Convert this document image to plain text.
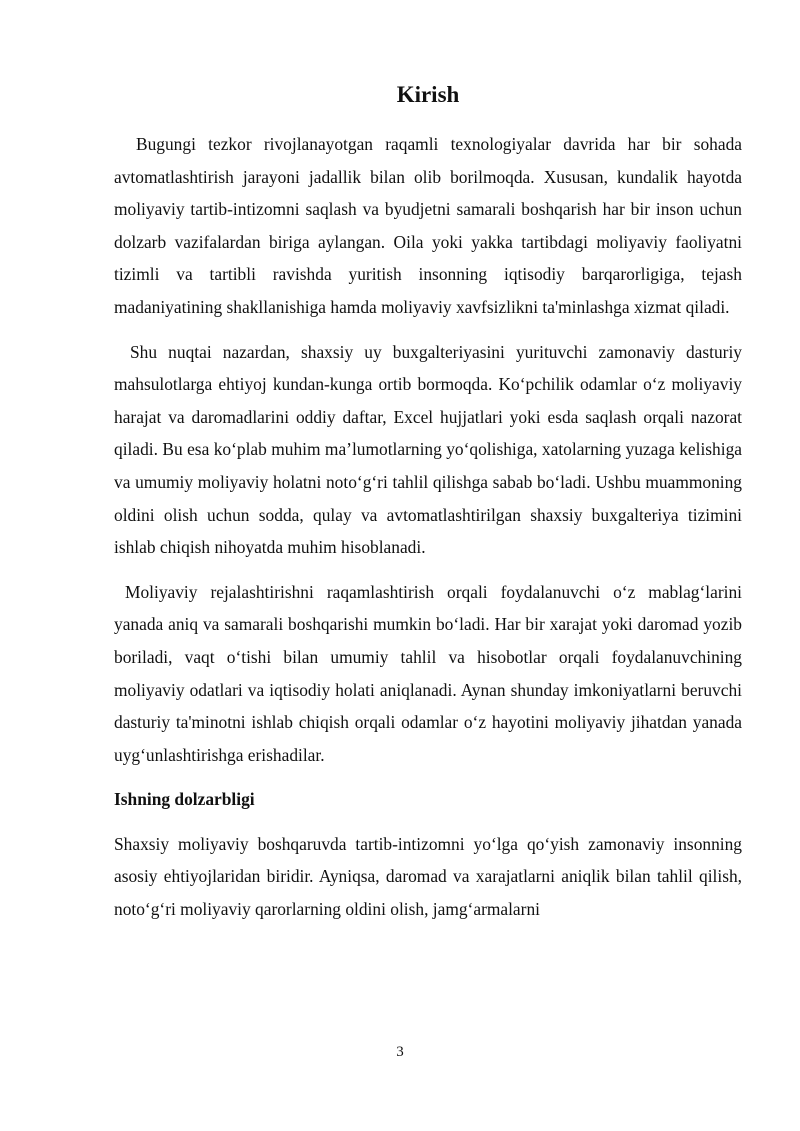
Kirish

Bugungi tezkor rivojlanayotgan raqamli texnologiyalar davrida har bir sohada avtomatlashtirish jarayoni jadallik bilan olib borilmoqda. Xususan, kundalik hayotda moliyaviy tartib-intizomni saqlash va byudjetni samarali boshqarish har bir inson uchun dolzarb vazifalardan biriga aylangan. Oila yoki yakka tartibdagi moliyaviy faoliyatni tizimli va tartibli ravishda yuritish insonning iqtisodiy barqarorligiga, tejash madaniyatining shakllanishiga hamda moliyaviy xavfsizlikni ta'minlashga xizmat qiladi.

Shu nuqtai nazardan, shaxsiy uy buxgalteriyasini yurituvchi zamonaviy dasturiy mahsulotlarga ehtiyoj kundan-kunga ortib bormoqda. Ko‘pchilik odamlar o‘z moliyaviy harajat va daromadlarini oddiy daftar, Excel hujjatlari yoki esda saqlash orqali nazorat qiladi. Bu esa ko‘plab muhim ma’lumotlarning yo‘qolishiga, xatolarning yuzaga kelishiga va umumiy moliyaviy holatni noto‘g‘ri tahlil qilishga sabab bo‘ladi. Ushbu muammoning oldini olish uchun sodda, qulay va avtomatlashtirilgan shaxsiy buxgalteriya tizimini ishlab chiqish nihoyatda muhim hisoblanadi.

Moliyaviy rejalashtirishni raqamlashtirish orqali foydalanuvchi o‘z mablag‘larini yanada aniq va samarali boshqarishi mumkin bo‘ladi. Har bir xarajat yoki daromad yozib boriladi, vaqt o‘tishi bilan umumiy tahlil va hisobotlar orqali foydalanuvchining moliyaviy odatlari va iqtisodiy holati aniqlanadi. Aynan shunday imkoniyatlarni beruvchi dasturiy ta'minotni ishlab chiqish orqali odamlar o‘z hayotini moliyaviy jihatdan yanada uyg‘unlashtirishga erishadilar.

Ishning dolzarbligi

Shaxsiy moliyaviy boshqaruvda tartib-intizomni yo‘lga qo‘yish zamonaviy insonning asosiy ehtiyojlaridan biridir. Ayniqsa, daromad va xarajatlarni aniqlik bilan tahlil qilish, noto‘g‘ri moliyaviy qarorlarning oldini olish, jamg‘armalarni

3
